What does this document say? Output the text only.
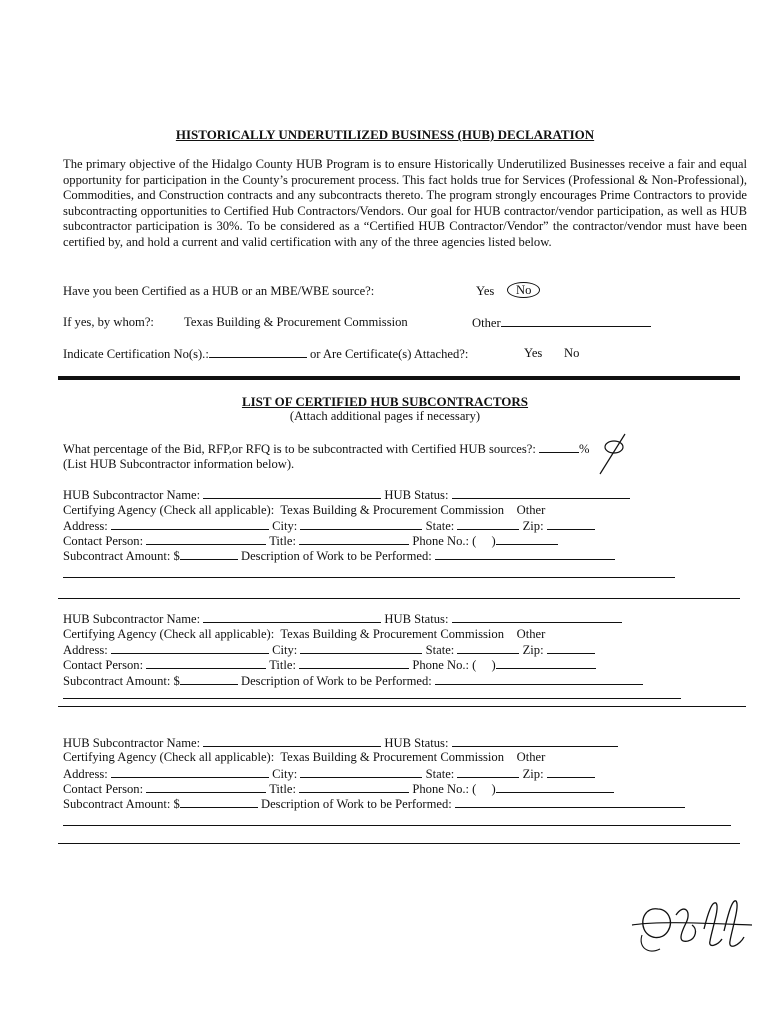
HISTORICALLY UNDERUTILIZED BUSINESS (HUB) DECLARATION
The primary objective of the Hidalgo County HUB Program is to ensure Historically Underutilized Businesses receive a fair and equal opportunity for participation in the County’s procurement process. This fact holds true for Services (Professional & Non-Professional), Commodities, and Construction contracts and any subcontracts thereto. The program strongly encourages Prime Contractors to provide subcontracting opportunities to Certified Hub Contractors/Vendors. Our goal for HUB contractor/vendor participation, as well as HUB subcontractor participation is 30%. To be considered as a “Certified HUB Contractor/Vendor” the contractor/vendor must have been certified by, and hold a current and valid certification with any of the three agencies listed below.
Have you been Certified as a HUB or an MBE/WBE source?:	Yes	No
If yes, by whom?: Texas Building & Procurement Commission	Other
Indicate Certification No(s).:	or Are Certificate(s) Attached?:	Yes No
LIST OF CERTIFIED HUB SUBCONTRACTORS
(Attach additional pages if necessary)
What percentage of the Bid, RFP,or RFQ is to be subcontracted with Certified HUB sources?:	%
(List HUB Subcontractor information below).
HUB Subcontractor Name:	HUB Status:
Certifying Agency (Check all applicable): Texas Building & Procurement Commission Other
Address:	City:	State:	Zip:
Contact Person:	Title:	Phone No.: ( )
Subcontract Amount: $	Description of Work to be Performed:
HUB Subcontractor Name:	HUB Status:
Certifying Agency (Check all applicable): Texas Building & Procurement Commission Other
Address:	City:	State:	Zip:
Contact Person:	Title:	Phone No.: ( )
Subcontract Amount: $	Description of Work to be Performed:
HUB Subcontractor Name:	HUB Status:
Certifying Agency (Check all applicable): Texas Building & Procurement Commission Other
Address:	City:	State:	Zip:
Contact Person:	Title:	Phone No.: ( )
Subcontract Amount: $	Description of Work to be Performed:
